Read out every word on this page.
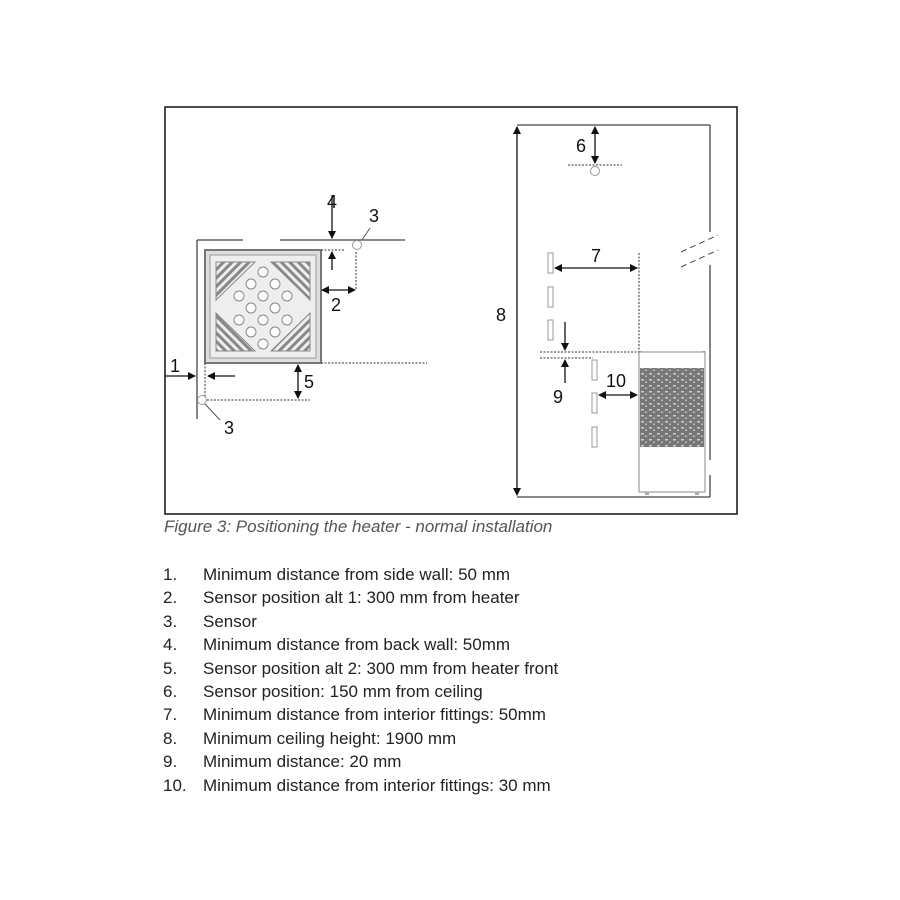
4
3
2
1
5
3
6
7
8
9
10
Figure 3: Positioning the heater - normal installation
1.	Minimum distance from side wall: 50 mm
2.	Sensor position alt 1: 300 mm from heater
3.	Sensor
4.	Minimum distance from back wall: 50mm
5.	Sensor position alt 2: 300 mm from heater front
6.	Sensor position: 150 mm from ceiling
7.	Minimum distance from interior fittings: 50mm
8.	Minimum ceiling height: 1900 mm
9.	Minimum distance: 20 mm
10. Minimum distance from interior fittings: 30 mm
